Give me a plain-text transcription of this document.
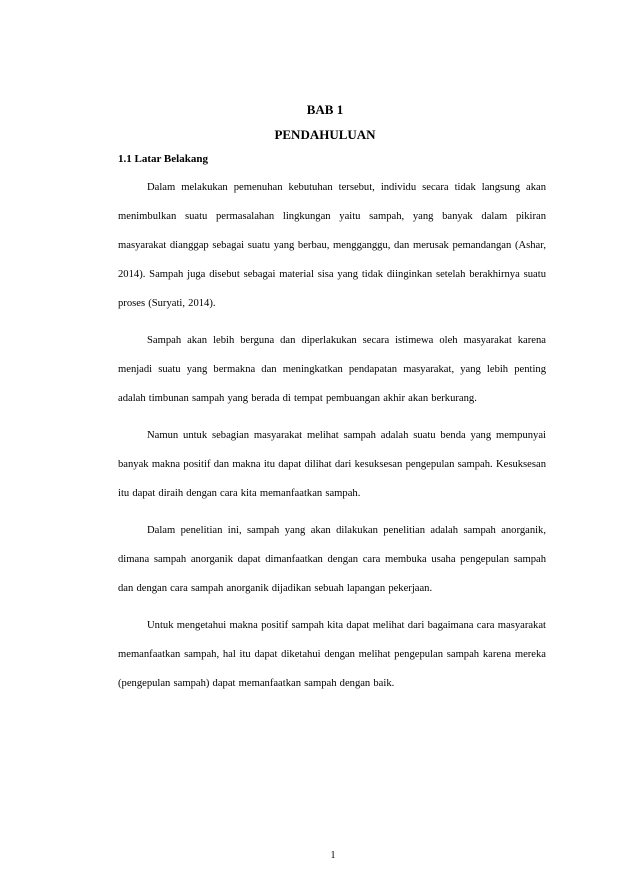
BAB 1
PENDAHULUAN
1.1 Latar Belakang

Dalam melakukan pemenuhan kebutuhan tersebut, individu secara tidak langsung akan menimbulkan suatu permasalahan lingkungan yaitu sampah, yang banyak dalam pikiran masyarakat dianggap sebagai suatu yang berbau, mengganggu, dan merusak pemandangan (Ashar, 2014). Sampah juga disebut sebagai material sisa yang tidak diinginkan setelah berakhirnya suatu proses (Suryati, 2014).

Sampah akan lebih berguna dan diperlakukan secara istimewa oleh masyarakat karena menjadi suatu yang bermakna dan meningkatkan pendapatan masyarakat, yang lebih penting adalah timbunan sampah yang berada di tempat pembuangan akhir akan berkurang.

Namun untuk sebagian masyarakat melihat sampah adalah suatu benda yang mempunyai banyak makna positif dan makna itu dapat dilihat dari kesuksesan pengepulan sampah. Kesuksesan itu dapat diraih dengan cara kita memanfaatkan sampah.

Dalam penelitian ini, sampah yang akan dilakukan penelitian adalah sampah anorganik, dimana sampah anorganik dapat dimanfaatkan dengan cara membuka usaha pengepulan sampah dan dengan cara sampah anorganik dijadikan sebuah lapangan pekerjaan.

Untuk mengetahui makna positif sampah kita dapat melihat dari bagaimana cara masyarakat memanfaatkan sampah, hal itu dapat diketahui dengan melihat pengepulan sampah karena mereka (pengepulan sampah) dapat memanfaatkan sampah dengan baik.

1
